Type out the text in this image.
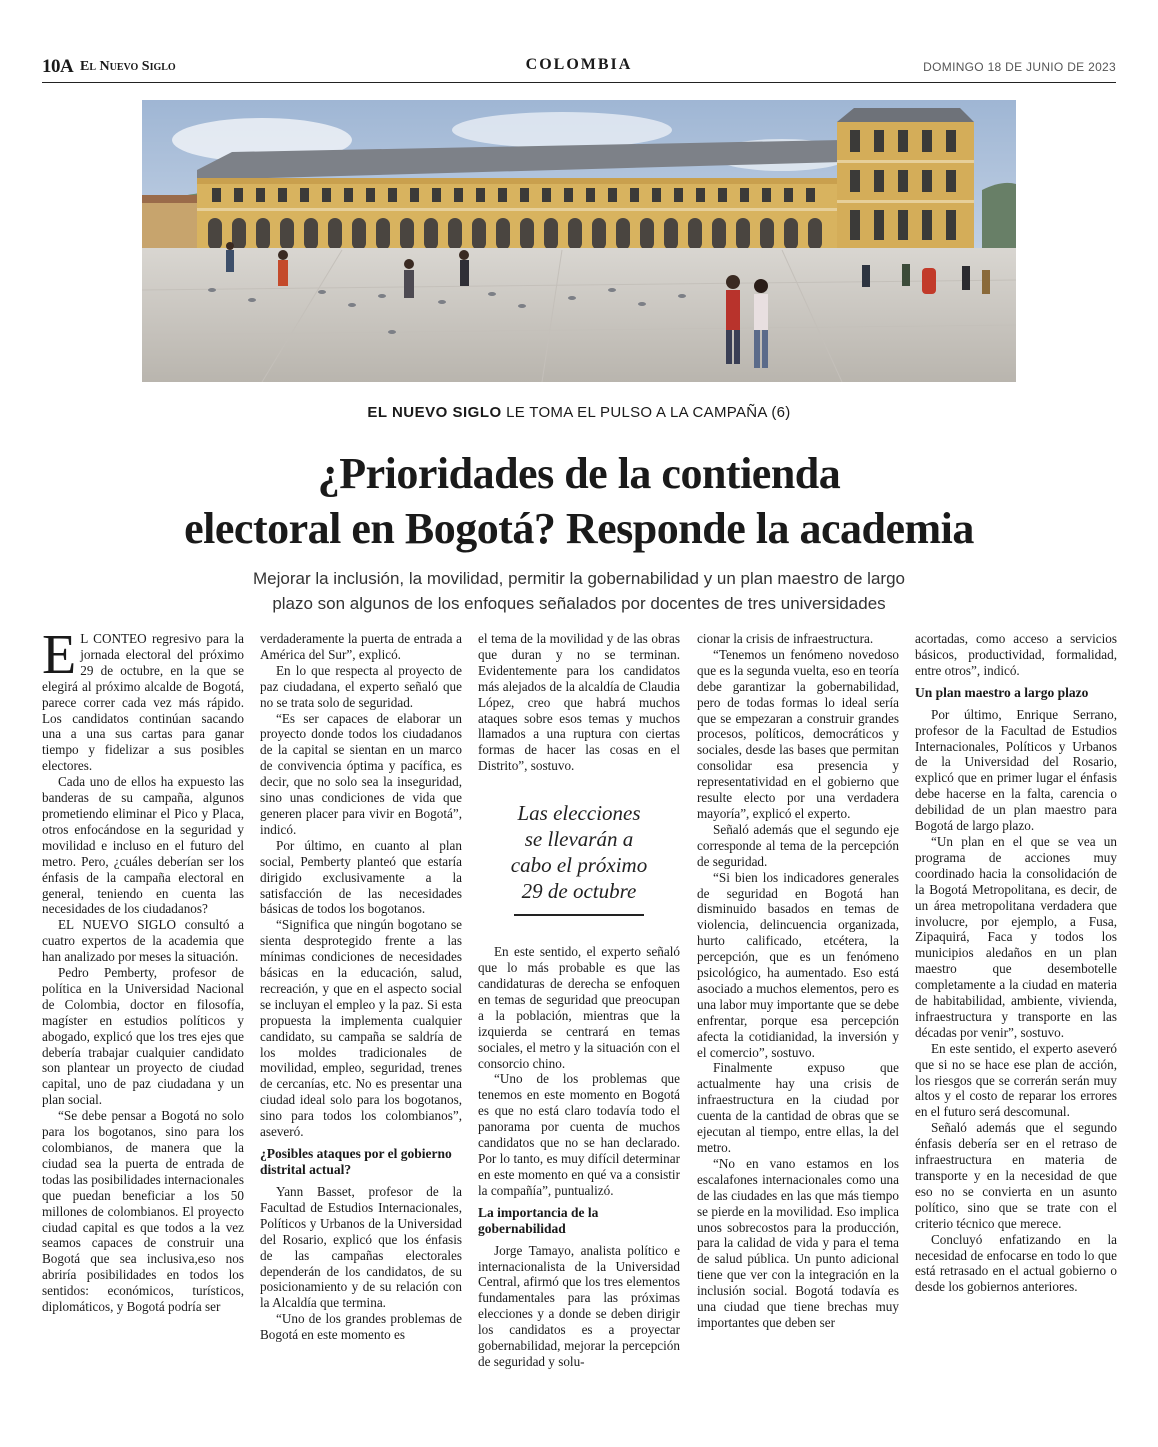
10A El Nuevo Siglo	COLOMBIA	DOMINGO 18 DE JUNIO DE 2023
EL NUEVO SIGLO LE TOMA EL PULSO A LA CAMPAÑA (6)
¿Prioridades de la contienda
electoral en Bogotá? Responde la academia
Mejorar la inclusión, la movilidad, permitir la gobernabilidad y un plan maestro de largo
plazo son algunos de los enfoques señalados por docentes de tres universidades

E L CONTEO regresivo para la jornada electoral del próximo 29 de octubre, en la que se elegirá al próximo alcalde de Bogotá, parece correr cada vez más rápido. Los candidatos continúan sacando una a una sus cartas para ganar tiempo y fidelizar a sus posibles electores.

Cada uno de ellos ha expuesto las banderas de su campaña, algunos prometiendo eliminar el Pico y Placa, otros enfocándose en la seguridad y movilidad e incluso en el futuro del metro. Pero, ¿cuáles deberían ser los énfasis de la campaña electoral en general, teniendo en cuenta las necesidades de los ciudadanos?

EL NUEVO SIGLO consultó a cuatro expertos de la academia que han analizado por meses la situación.

Pedro Pemberty, profesor de política en la Universidad Nacional de Colombia, doctor en filosofía, magíster en estudios políticos y abogado, explicó que los tres ejes que debería trabajar cualquier candidato son plantear un proyecto de ciudad capital, uno de paz ciudadana y un plan social.

“Se debe pensar a Bogotá no solo para los bogotanos, sino para los colombianos, de manera que la ciudad sea la puerta de entrada de todas las posibilidades internacionales que puedan beneficiar a los 50 millones de colombianos. El proyecto ciudad capital es que todos a la vez seamos capaces de construir una Bogotá que sea inclusiva,eso nos abriría posibilidades en todos los sentidos: económicos, turísticos, diplomáticos, y Bogotá podría ser

verdaderamente la puerta de entrada a América del Sur”, explicó.

En lo que respecta al proyecto de paz ciudadana, el experto señaló que no se trata solo de seguridad.

“Es ser capaces de elaborar un proyecto donde todos los ciudadanos de la capital se sientan en un marco de convivencia óptima y pacífica, es decir, que no solo sea la inseguridad, sino unas condiciones de vida que generen placer para vivir en Bogotá”, indicó.

Por último, en cuanto al plan social, Pemberty planteó que estaría dirigido exclusivamente a la satisfacción de las necesidades básicas de todos los bogotanos.

“Significa que ningún bogotano se sienta desprotegido frente a las mínimas condiciones de necesidades básicas en la educación, salud, recreación, y que en el aspecto social se incluyan el empleo y la paz. Si esta propuesta la implementa cualquier candidato, su campaña se saldría de los moldes tradicionales de movilidad, empleo, seguridad, trenes de cercanías, etc. No es presentar una ciudad ideal solo para los bogotanos, sino para todos los colombianos”, aseveró.

¿Posibles ataques por el gobierno distrital actual?

Yann Basset, profesor de la Facultad de Estudios Internacionales, Políticos y Urbanos de la Universidad del Rosario, explicó que los énfasis de las campañas electorales dependerán de los candidatos, de su posicionamiento y de su relación con la Alcaldía que termina.

“Uno de los grandes problemas de Bogotá en este momento es

el tema de la movilidad y de las obras que duran y no se terminan. Evidentemente para los candidatos más alejados de la alcaldía de Claudia López, creo que habrá muchos ataques sobre esos temas y muchos llamados a una ruptura con ciertas formas de hacer las cosas en el Distrito”, sostuvo.

Las elecciones
se llevarán a
cabo el próximo
29 de octubre

En este sentido, el experto señaló que lo más probable es que las candidaturas de derecha se enfoquen en temas de seguridad que preocupan a la población, mientras que la izquierda se centrará en temas sociales, el metro y la situación con el consorcio chino.

“Uno de los problemas que tenemos en este momento en Bogotá es que no está claro todavía todo el panorama por cuenta de muchos candidatos que no se han declarado. Por lo tanto, es muy difícil determinar en este momento en qué va a consistir la compañía”, puntualizó.

La importancia de la gobernabilidad

Jorge Tamayo, analista político e internacionalista de la Universidad Central, afirmó que los tres elementos fundamentales para las próximas elecciones y a donde se deben dirigir los candidatos es a proyectar gobernabilidad, mejorar la percepción de seguridad y solu-

cionar la crisis de infraestructura.

“Tenemos un fenómeno novedoso que es la segunda vuelta, eso en teoría debe garantizar la gobernabilidad, pero de todas formas lo ideal sería que se empezaran a construir grandes procesos, políticos, democráticos y sociales, desde las bases que permitan consolidar esa presencia y representatividad en el gobierno que resulte electo por una verdadera mayoría”, explicó el experto.

Señaló además que el segundo eje corresponde al tema de la percepción de seguridad.

“Si bien los indicadores generales de seguridad en Bogotá han disminuido basados en temas de violencia, delincuencia organizada, hurto calificado, etcétera, la percepción, que es un fenómeno psicológico, ha aumentado. Eso está asociado a muchos elementos, pero es una labor muy importante que se debe enfrentar, porque esa percepción afecta la cotidianidad, la inversión y el comercio”, sostuvo.

Finalmente expuso que actualmente hay una crisis de infraestructura en la ciudad por cuenta de la cantidad de obras que se ejecutan al tiempo, entre ellas, la del metro.

“No en vano estamos en los escalafones internacionales como una de las ciudades en las que más tiempo se pierde en la movilidad. Eso implica unos sobrecostos para la producción, para la calidad de vida y para el tema de salud pública. Un punto adicional tiene que ver con la integración en la inclusión social. Bogotá todavía es una ciudad que tiene brechas muy importantes que deben ser

acortadas, como acceso a servicios básicos, productividad, formalidad, entre otros”, indicó.

Un plan maestro a largo plazo

Por último, Enrique Serrano, profesor de la Facultad de Estudios Internacionales, Políticos y Urbanos de la Universidad del Rosario, explicó que en primer lugar el énfasis debe hacerse en la falta, carencia o debilidad de un plan maestro para Bogotá de largo plazo.

“Un plan en el que se vea un programa de acciones muy coordinado hacia la consolidación de la Bogotá Metropolitana, es decir, de un área metropolitana verdadera que involucre, por ejemplo, a Fusa, Zipaquirá, Faca y todos los municipios aledaños en un plan maestro que desembotelle completamente a la ciudad en materia de habitabilidad, ambiente, vivienda, infraestructura y transporte en las décadas por venir”, sostuvo.

En este sentido, el experto aseveró que si no se hace ese plan de acción, los riesgos que se correrán serán muy altos y el costo de reparar los errores en el futuro será descomunal.

Señaló además que el segundo énfasis debería ser en el retraso de infraestructura en materia de transporte y en la necesidad de que eso no se convierta en un asunto político, sino que se trate con el criterio técnico que merece.

Concluyó enfatizando en la necesidad de enfocarse en todo lo que está retrasado en el actual gobierno o desde los gobiernos anteriores.
